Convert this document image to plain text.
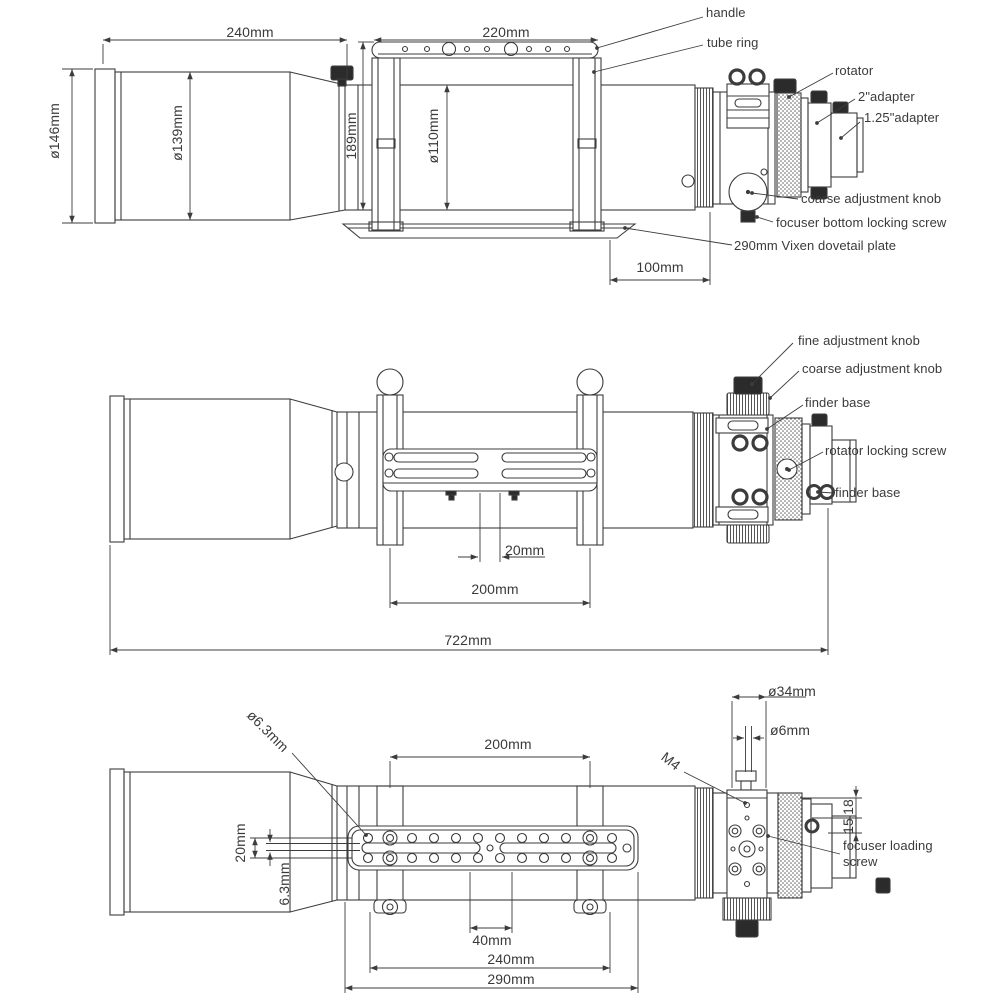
240mm	220mm
handle
tube ring
rotator
2"adapter
1.25"adapter
ø146mm	ø139mm	189mm	ø110mm
coarse adjustment knob
focuser bottom locking screw
290mm Vixen dovetail plate
100mm
fine adjustment knob
coarse adjustment knob
finder base
rotator locking screw
finder base
20mm
200mm
722mm
ø6.3mm	200mm
ø34mm
ø6mm
M4
20mm
6.3mm
18
15
focuser loading screw
40mm
240mm
290mm
